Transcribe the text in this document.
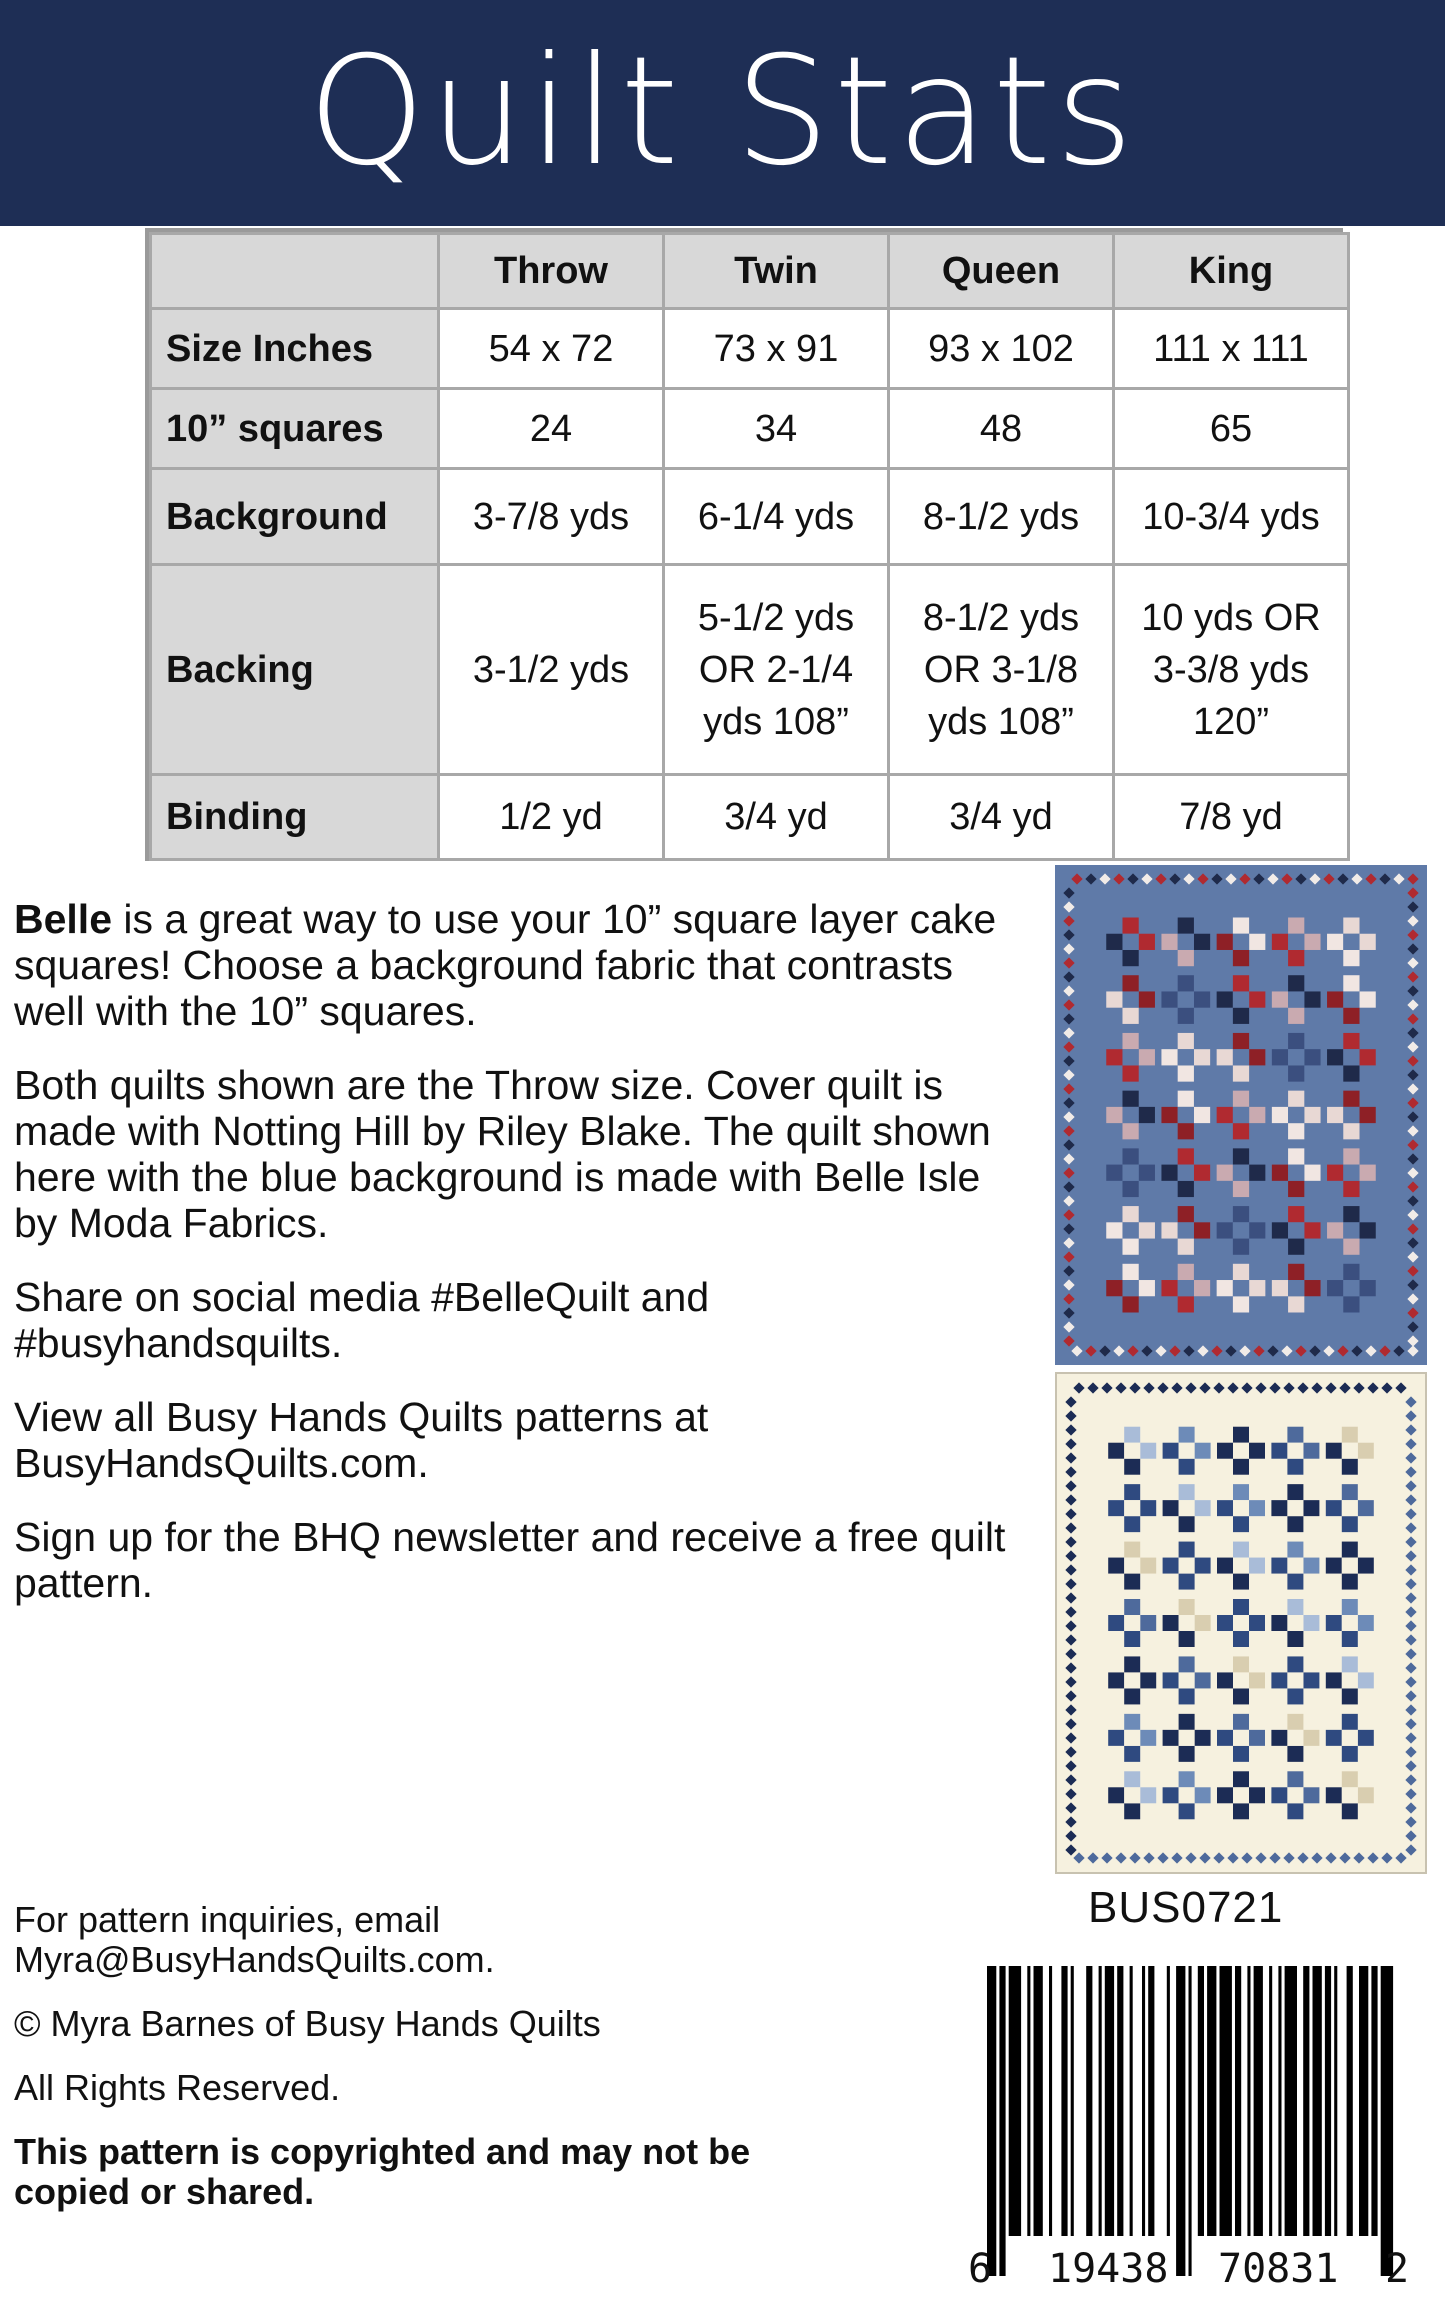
Quilt Stats
	Throw	Twin	Queen	King
Size Inches	54 x 72	73 x 91	93 x 102	111 x 111
10” squares	24	34	48	65
Background	3-7/8 yds	6-1/4 yds	8-1/2 yds	10-3/4 yds
Backing	3-1/2 yds	5-1/2 yds OR 2-1/4 yds 108”	8-1/2 yds OR 3-1/8 yds 108”	10 yds OR 3-3/8 yds 120”
Binding	1/2 yd	3/4 yd	3/4 yd	7/8 yd

Belle is a great way to use your 10” square layer cake squares! Choose a background fabric that contrasts well with the 10” squares.

Both quilts shown are the Throw size. Cover quilt is made with Notting Hill by Riley Blake. The quilt shown here with the blue background is made with Belle Isle by Moda Fabrics.

Share on social media #BelleQuilt and #busyhandsquilts.

View all Busy Hands Quilts patterns at BusyHandsQuilts.com.

Sign up for the BHQ newsletter and receive a free quilt pattern.

BUS0721

For pattern inquiries, email Myra@BusyHandsQuilts.com.

© Myra Barnes of Busy Hands Quilts

All Rights Reserved.

This pattern is copyrighted and may not be copied or shared.

6 19438 70831 2
